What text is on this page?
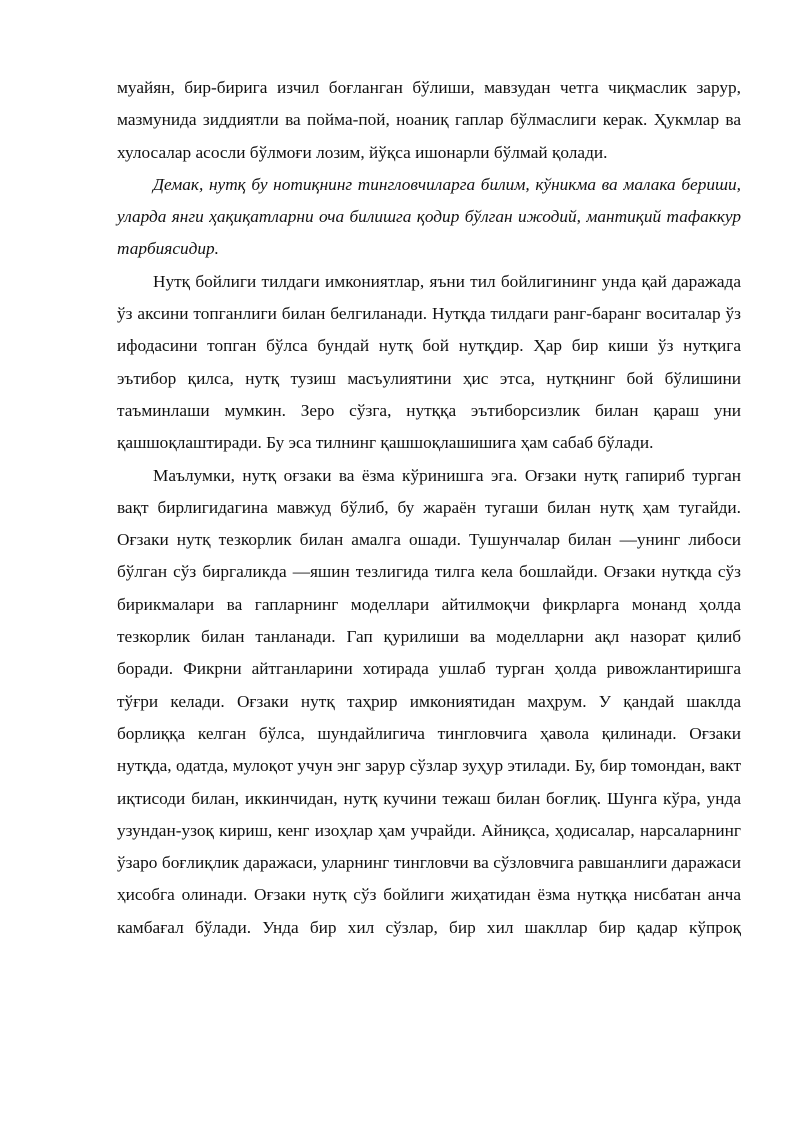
муайян, бир-бирига изчил боғланган бўлиши, мавзудан четга чиқмаслик зарур, мазмунида зиддиятли ва пойма-пой, ноаниқ гаплар бўлмаслиги керак. Ҳукмлар ва хулосалар асосли бўлмоғи лозим, йўқса ишонарли бўлмай қолади.

Демак, нутқ бу нотиқнинг тингловчиларга билим, кўникма ва малака бериши, уларда янги ҳақиқатларни оча билишга қодир бўлган ижодий, мантиқий тафаккур тарбиясидир.

Нутқ бойлиги тилдаги имкониятлар, яъни тил бойлигининг унда қай даражада ўз аксини топганлиги билан белгиланади. Нутқда тилдаги ранг-баранг воситалар ўз ифодасини топган бўлса бундай нутқ бой нутқдир. Ҳар бир киши ўз нутқига эътибор қилса, нутқ тузиш масъулиятини ҳис этса, нутқнинг бой бўлишини таъминлаши мумкин. Зеро сўзга, нутққа эътиборсизлик билан қараш уни қашшоқлаштиради. Бу эса тилнинг қашшоқлашишига ҳам сабаб бўлади.

Маълумки, нутқ оғзаки ва ёзма кўринишга эга. Оғзаки нутқ гапириб турган вақт бирлигидагина мавжуд бўлиб, бу жараён тугаши билан нутқ ҳам тугайди. Оғзаки нутқ тезкорлик билан амалга ошади. Тушунчалар билан —унинг либоси бўлган сўз биргаликда —яшин тезлигида тилга кела бошлайди. Оғзаки нутқда сўз бирикмалари ва гапларнинг моделлари айтилмоқчи фикрларга монанд ҳолда тезкорлик билан танланади. Гап қурилиши ва моделларни ақл назорат қилиб боради. Фикрни айтганларини хотирада ушлаб турган ҳолда ривожлантиришга тўғри келади. Оғзаки нутқ таҳрир имкониятидан маҳрум. У қандай шаклда борлиққа келган бўлса, шундайлигича тингловчига ҳавола қилинади. Оғзаки нутқда, одатда, мулоқот учун энг зарур сўзлар зуҳур этилади. Бу, бир томондан, вакт иқтисоди билан, иккинчидан, нутқ кучини тежаш билан боғлиқ. Шунга кўра, унда узундан-узоқ кириш, кенг изоҳлар ҳам учрайди. Айниқса, ҳодисалар, нарсаларнинг ўзаро боғлиқлик даражаси, уларнинг тингловчи ва сўзловчига равшанлиги даражаси ҳисобга олинади. Оғзаки нутқ сўз бойлиги жиҳатидан ёзма нутққа нисбатан анча камбағал бўлади. Унда бир хил сўзлар, бир хил шакллар бир қадар кўпроқ
